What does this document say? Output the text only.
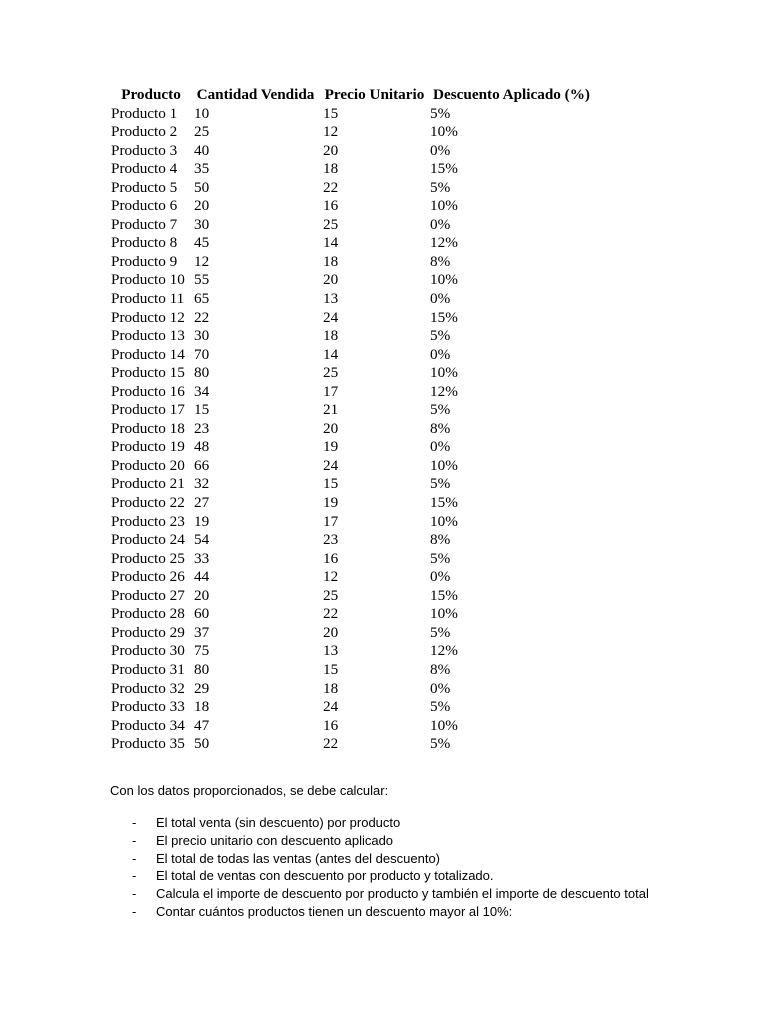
Producto	Cantidad Vendida	Precio Unitario	Descuento Aplicado (%)
Producto 1	10	15	5%
Producto 2	25	12	10%
Producto 3	40	20	0%
Producto 4	35	18	15%
Producto 5	50	22	5%
Producto 6	20	16	10%
Producto 7	30	25	0%
Producto 8	45	14	12%
Producto 9	12	18	8%
Producto 10	55	20	10%
Producto 11	65	13	0%
Producto 12	22	24	15%
Producto 13	30	18	5%
Producto 14	70	14	0%
Producto 15	80	25	10%
Producto 16	34	17	12%
Producto 17	15	21	5%
Producto 18	23	20	8%
Producto 19	48	19	0%
Producto 20	66	24	10%
Producto 21	32	15	5%
Producto 22	27	19	15%
Producto 23	19	17	10%
Producto 24	54	23	8%
Producto 25	33	16	5%
Producto 26	44	12	0%
Producto 27	20	25	15%
Producto 28	60	22	10%
Producto 29	37	20	5%
Producto 30	75	13	12%
Producto 31	80	15	8%
Producto 32	29	18	0%
Producto 33	18	24	5%
Producto 34	47	16	10%
Producto 35	50	22	5%

Con los datos proporcionados, se debe calcular:

- El total venta (sin descuento) por producto
- El precio unitario con descuento aplicado
- El total de todas las ventas (antes del descuento)
- El total de ventas con descuento por producto y totalizado.
- Calcula el importe de descuento por producto y también el importe de descuento total
- Contar cuántos productos tienen un descuento mayor al 10%:
